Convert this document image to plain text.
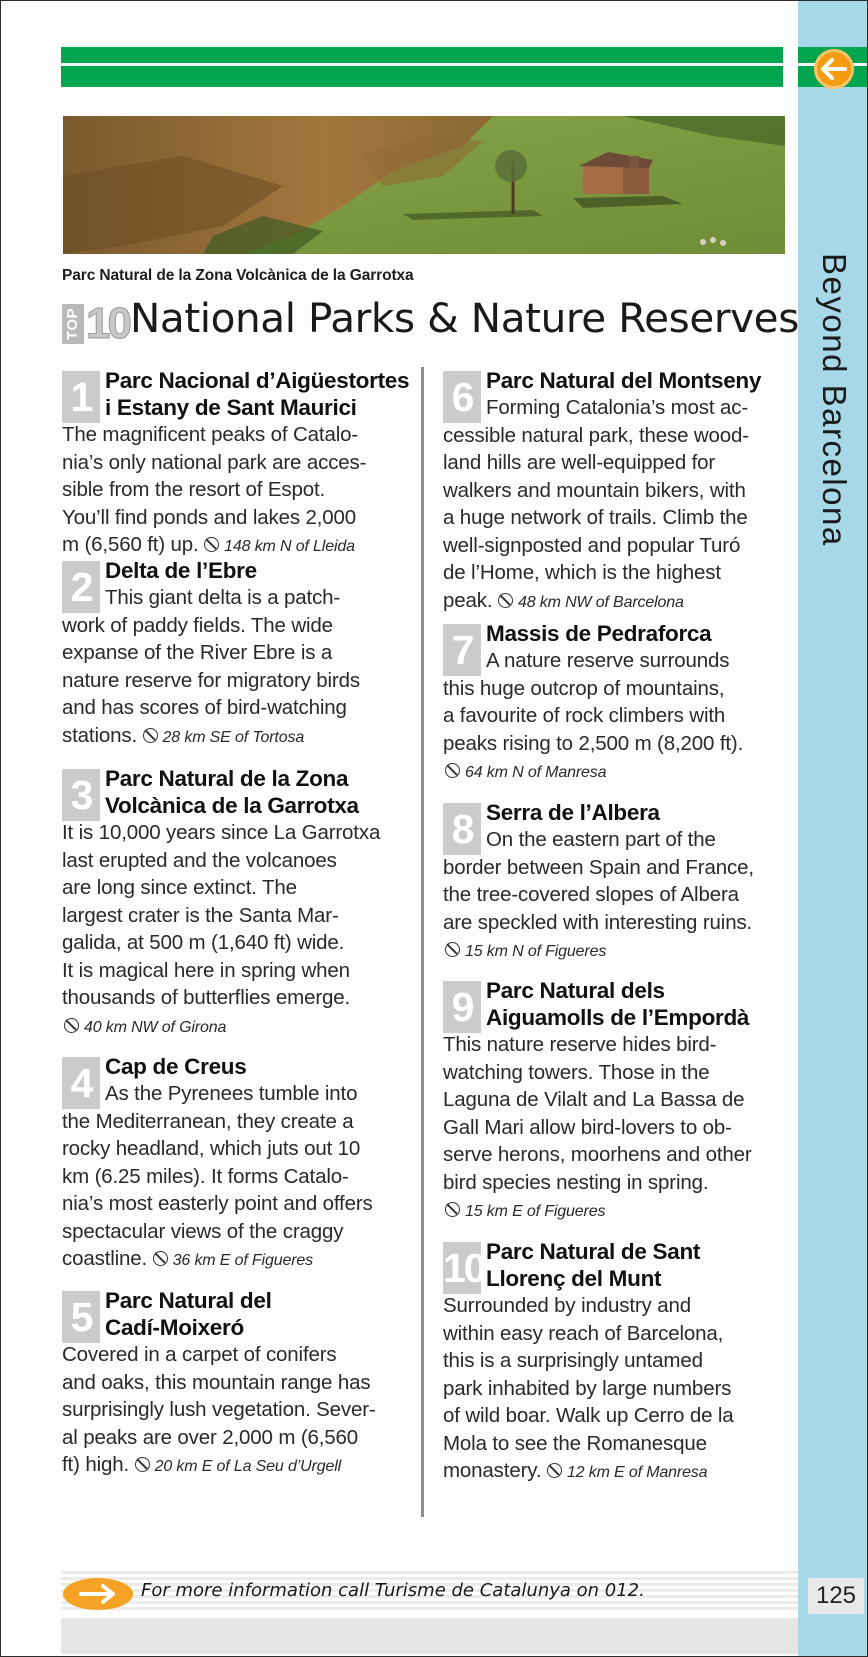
Beyond Barcelona
Parc Natural de la Zona Volcànica de la Garrotxa
TOP 10 National Parks & Nature Reserves
1 Parc Nacional d’Aigüestortes
i Estany de Sant Maurici
The magnificent peaks of Catalo-
nia’s only national park are acces-
sible from the resort of Espot.
You’ll find ponds and lakes 2,000
m (6,560 ft) up. 148 km N of Lleida
2 Delta de l’Ebre
This giant delta is a patch-
work of paddy fields. The wide
expanse of the River Ebre is a
nature reserve for migratory birds
and has scores of bird-watching
stations. 28 km SE of Tortosa
3 Parc Natural de la Zona
Volcànica de la Garrotxa
It is 10,000 years since La Garrotxa
last erupted and the volcanoes
are long since extinct. The
largest crater is the Santa Mar-
galida, at 500 m (1,640 ft) wide.
It is magical here in spring when
thousands of butterflies emerge.
40 km NW of Girona
4 Cap de Creus
As the Pyrenees tumble into
the Mediterranean, they create a
rocky headland, which juts out 10
km (6.25 miles). It forms Catalo-
nia’s most easterly point and offers
spectacular views of the craggy
coastline. 36 km E of Figueres
5 Parc Natural del
Cadí-Moixeró
Covered in a carpet of conifers
and oaks, this mountain range has
surprisingly lush vegetation. Sever-
al peaks are over 2,000 m (6,560
ft) high. 20 km E of La Seu d’Urgell
6 Parc Natural del Montseny
Forming Catalonia’s most ac-
cessible natural park, these wood-
land hills are well-equipped for
walkers and mountain bikers, with
a huge network of trails. Climb the
well-signposted and popular Turó
de l’Home, which is the highest
peak. 48 km NW of Barcelona
7 Massis de Pedraforca
A nature reserve surrounds
this huge outcrop of mountains,
a favourite of rock climbers with
peaks rising to 2,500 m (8,200 ft).
64 km N of Manresa
8 Serra de l’Albera
On the eastern part of the
border between Spain and France,
the tree-covered slopes of Albera
are speckled with interesting ruins.
15 km N of Figueres
9 Parc Natural dels
Aiguamolls de l’Empordà
This nature reserve hides bird-
watching towers. Those in the
Laguna de Vilalt and La Bassa de
Gall Mari allow bird-lovers to ob-
serve herons, moorhens and other
bird species nesting in spring.
15 km E of Figueres
10 Parc Natural de Sant
Llorenç del Munt
Surrounded by industry and
within easy reach of Barcelona,
this is a surprisingly untamed
park inhabited by large numbers
of wild boar. Walk up Cerro de la
Mola to see the Romanesque
monastery. 12 km E of Manresa
For more information call Turisme de Catalunya on 012.	125
